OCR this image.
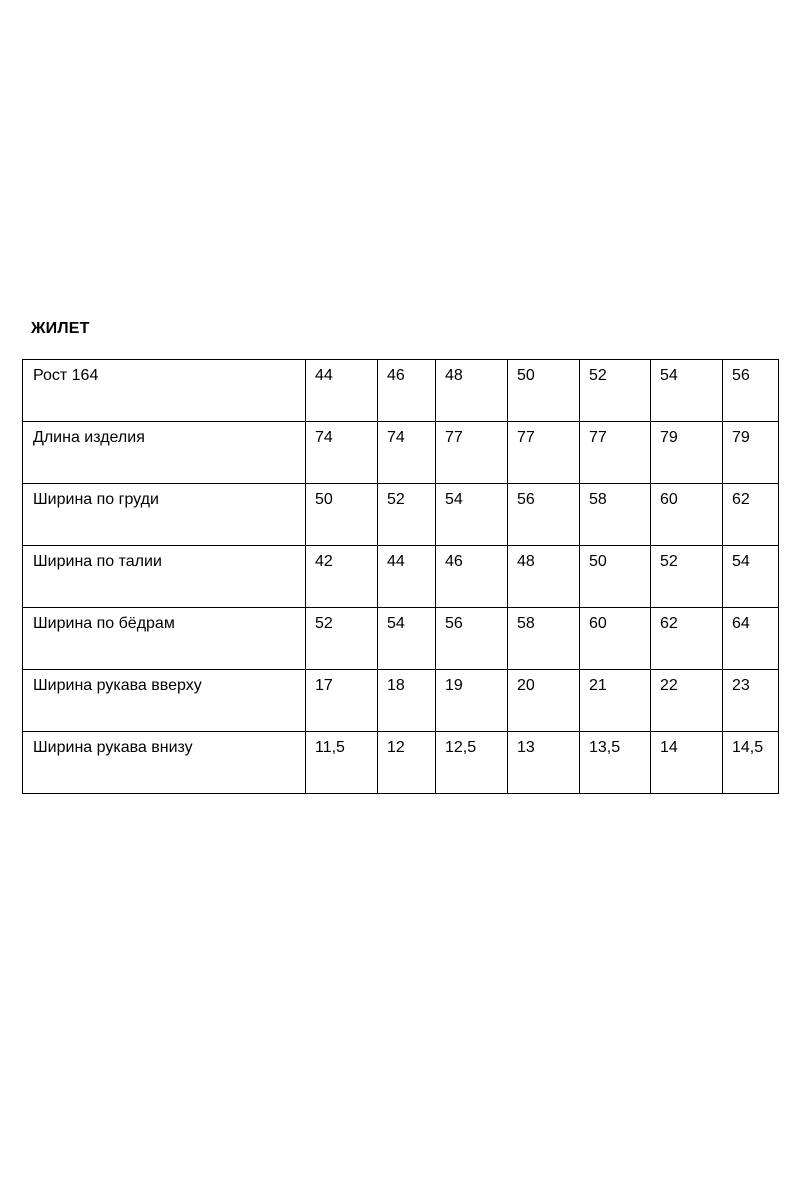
ЖИЛЕТ
Рост 164	44	46	48	50	52	54	56
Длина изделия	74	74	77	77	77	79	79
Ширина по груди	50	52	54	56	58	60	62
Ширина по талии	42	44	46	48	50	52	54
Ширина по бёдрам	52	54	56	58	60	62	64
Ширина рукава вверху	17	18	19	20	21	22	23
Ширина рукава внизу	11,5	12	12,5	13	13,5	14	14,5
